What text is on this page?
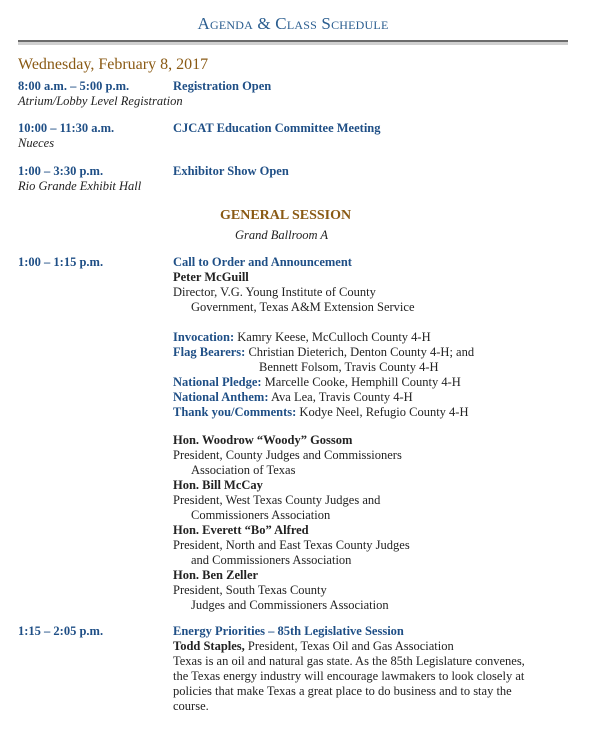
Agenda & Class Schedule
Wednesday, February 8, 2017
8:00 a.m. – 5:00 p.m.
Atrium/Lobby Level Registration
Registration Open
10:00 – 11:30 a.m.
Nueces
CJCAT Education Committee Meeting
1:00 – 3:30 p.m.
Rio Grande Exhibit Hall
Exhibitor Show Open
GENERAL SESSION
Grand Ballroom A
1:00 – 1:15 p.m.	Call to Order and Announcement
Peter McGuill
Director, V.G. Young Institute of County
Government, Texas A&M Extension Service
Invocation: Kamry Keese, McCulloch County 4-H
Flag Bearers: Christian Dieterich, Denton County 4-H; and
Bennett Folsom, Travis County 4-H
National Pledge: Marcelle Cooke, Hemphill County 4-H
National Anthem: Ava Lea, Travis County 4-H
Thank you/Comments: Kodye Neel, Refugio County 4-H
Hon. Woodrow “Woody” Gossom
President, County Judges and Commissioners
Association of Texas
Hon. Bill McCay
President, West Texas County Judges and
Commissioners Association
Hon. Everett “Bo” Alfred
President, North and East Texas County Judges
and Commissioners Association
Hon. Ben Zeller
President, South Texas County
Judges and Commissioners Association
1:15 – 2:05 p.m.	Energy Priorities – 85th Legislative Session
Todd Staples, President, Texas Oil and Gas Association
Texas is an oil and natural gas state. As the 85th Legislature convenes,
the Texas energy industry will encourage lawmakers to look closely at
policies that make Texas a great place to do business and to stay the
course.
